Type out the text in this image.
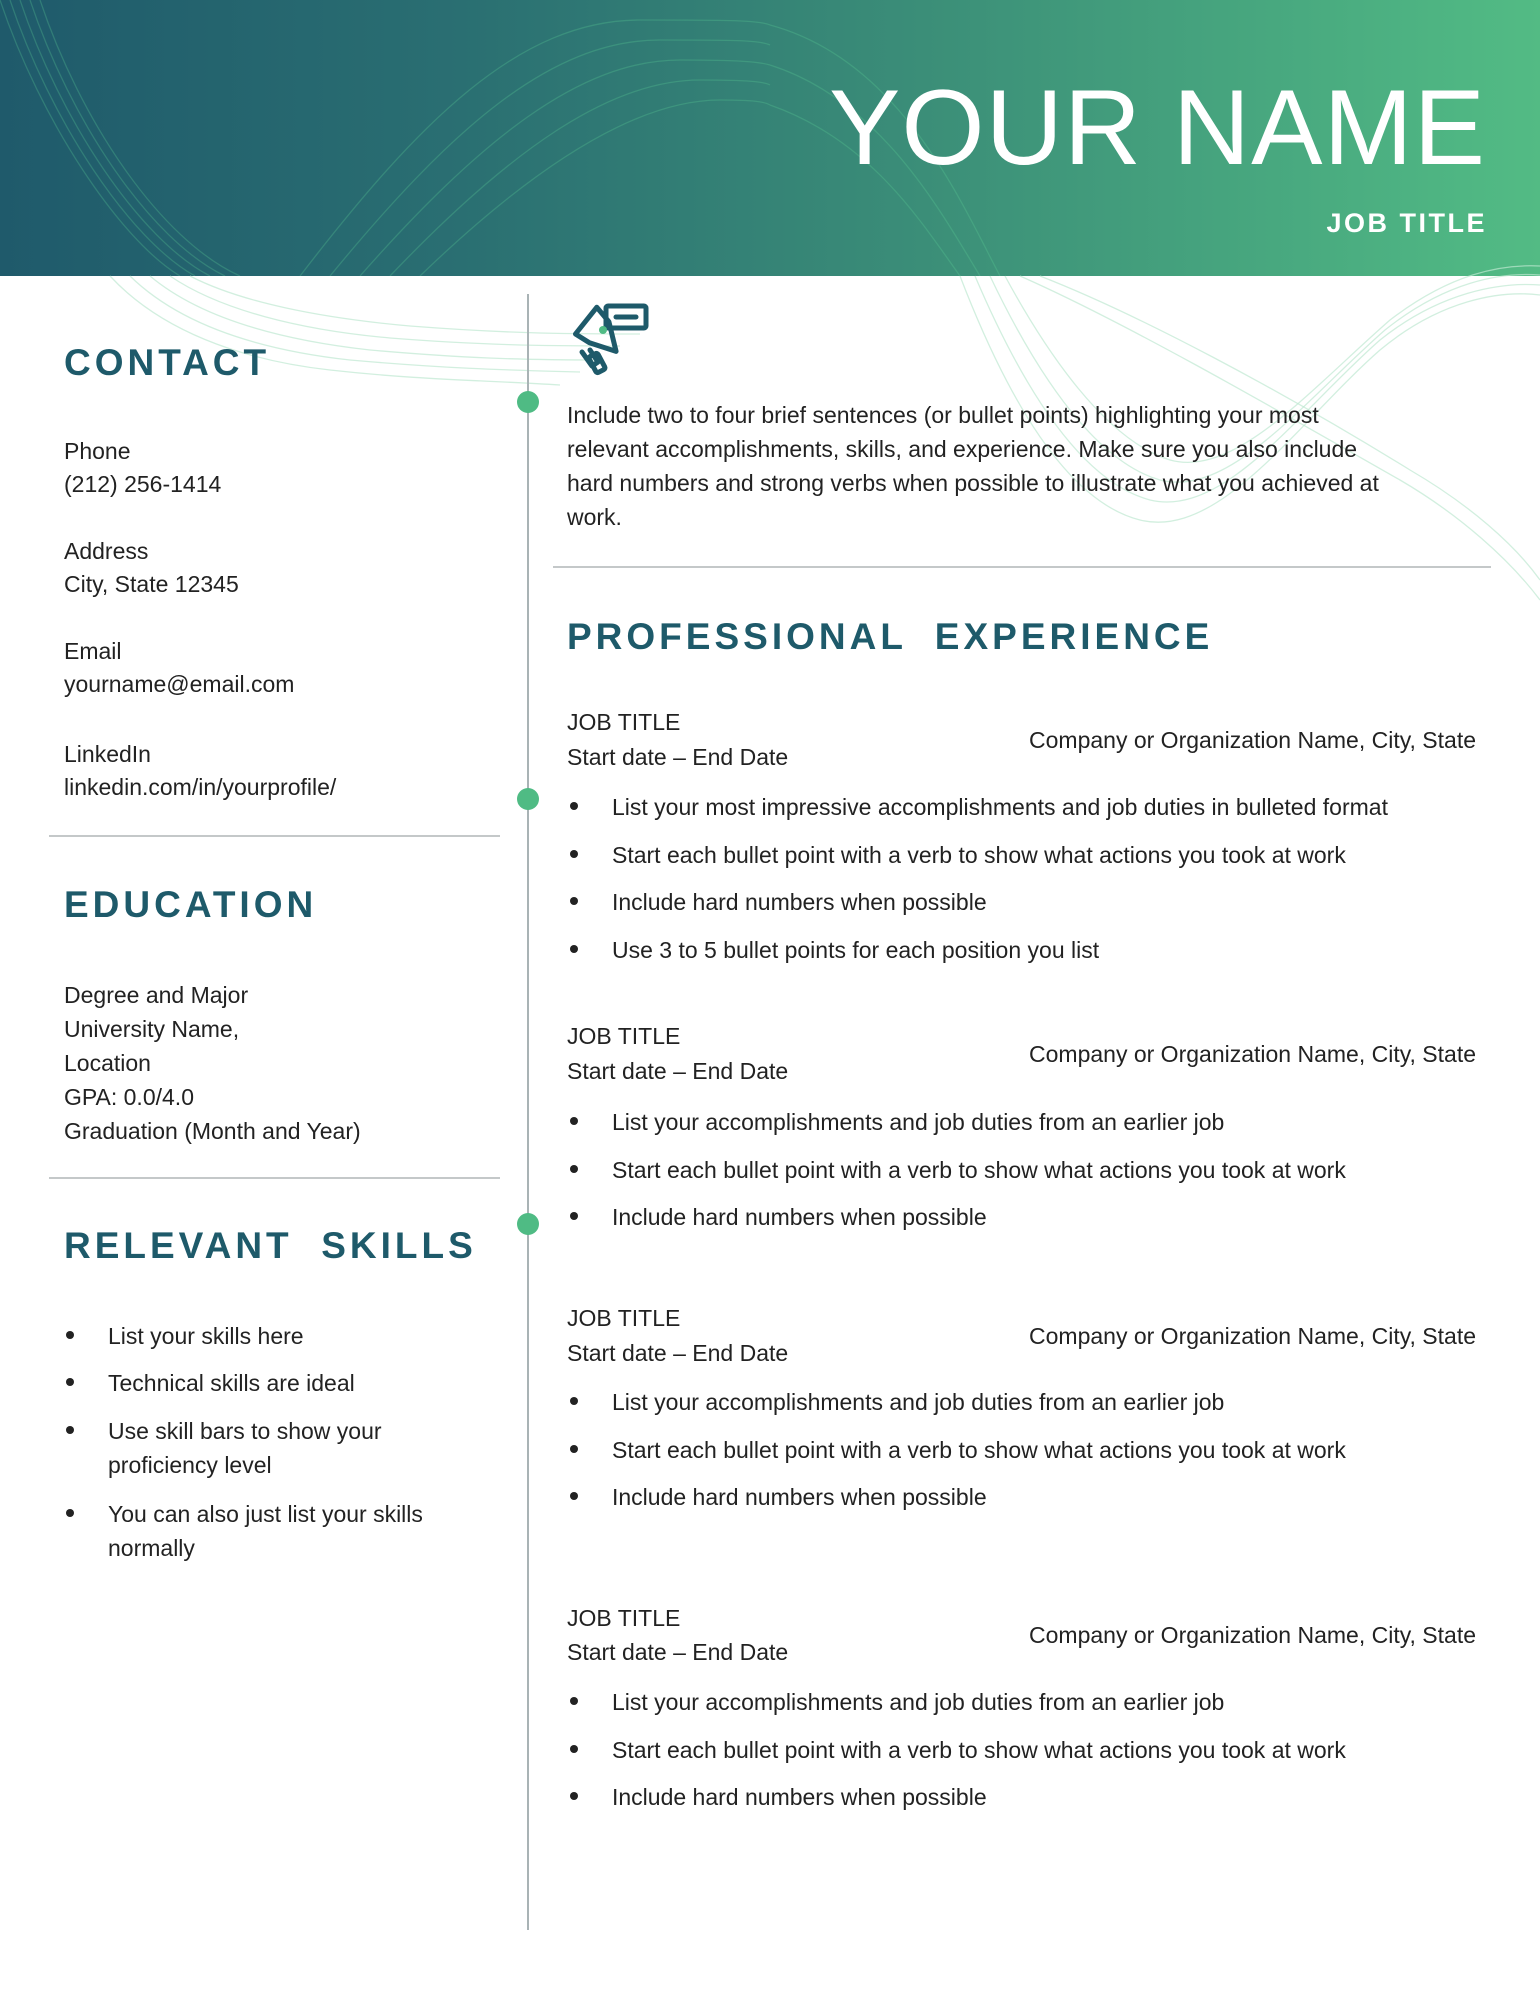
YOUR NAME
JOB TITLE
CONTACT
Phone
(212) 256-1414
Address
City, State 12345
Email
yourname@email.com
LinkedIn
linkedin.com/in/yourprofile/
EDUCATION
Degree and Major
University Name,
Location
GPA: 0.0/4.0
Graduation (Month and Year)
RELEVANT  SKILLS
List your skills here
Technical skills are ideal
Use skill bars to show your
proficiency level
You can also just list your skills
normally
Include two to four brief sentences (or bullet points) highlighting your most
relevant accomplishments, skills, and experience. Make sure you also include
hard numbers and strong verbs when possible to illustrate what you achieved at
work.
PROFESSIONAL  EXPERIENCE
JOB TITLE
Start date – End Date
Company or Organization Name, City, State
List your most impressive accomplishments and job duties in bulleted format
Start each bullet point with a verb to show what actions you took at work
Include hard numbers when possible
Use 3 to 5 bullet points for each position you list
JOB TITLE
Start date – End Date
Company or Organization Name, City, State
List your accomplishments and job duties from an earlier job
Start each bullet point with a verb to show what actions you took at work
Include hard numbers when possible
JOB TITLE
Start date – End Date
Company or Organization Name, City, State
List your accomplishments and job duties from an earlier job
Start each bullet point with a verb to show what actions you took at work
Include hard numbers when possible
JOB TITLE
Start date – End Date
Company or Organization Name, City, State
List your accomplishments and job duties from an earlier job
Start each bullet point with a verb to show what actions you took at work
Include hard numbers when possible
